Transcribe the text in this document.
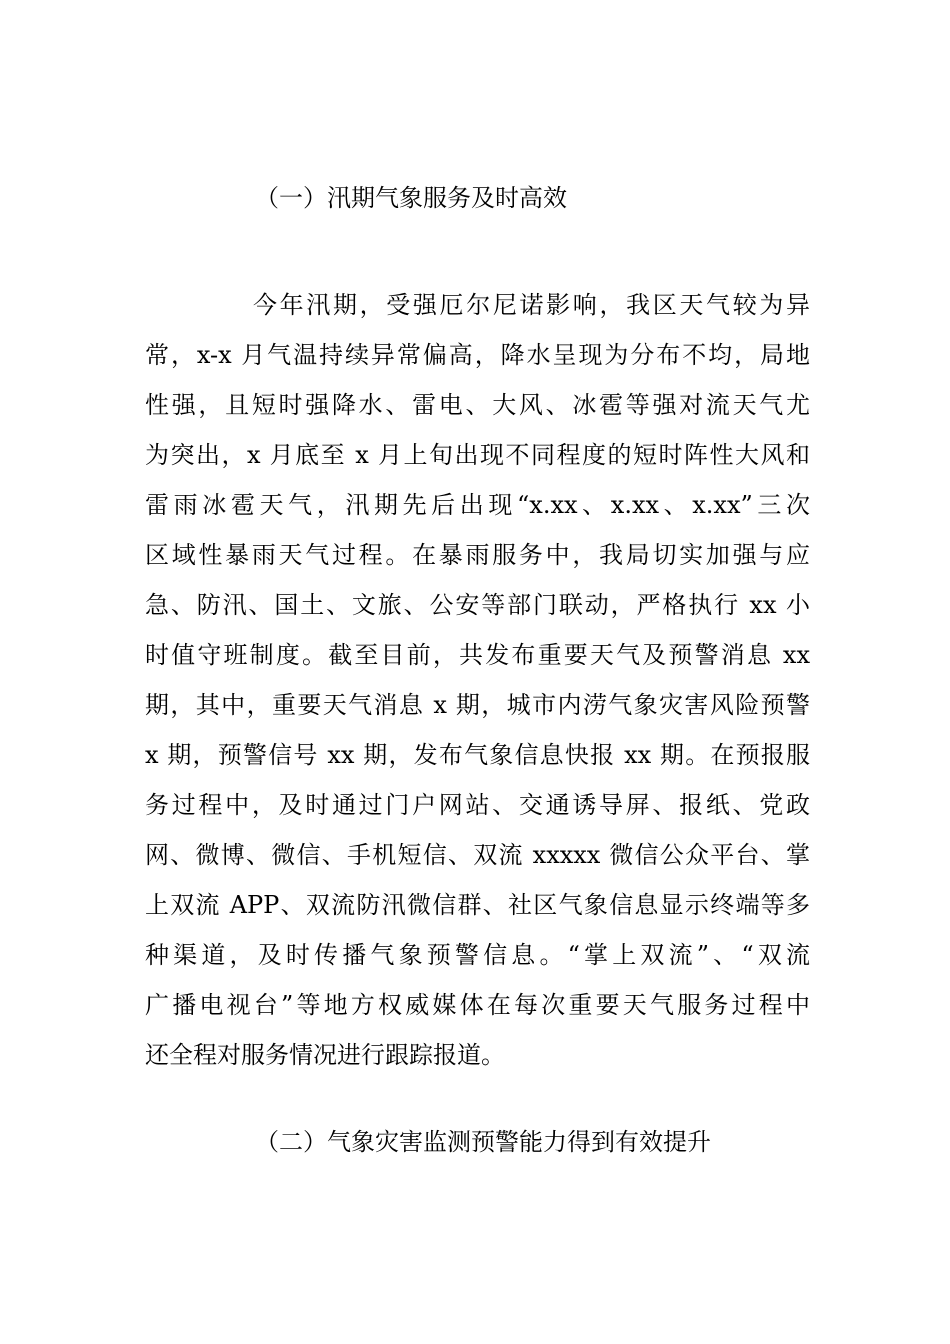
（一）汛期气象服务及时高效
今年汛期，受强厄尔尼诺影响，我区天气较为异
常，x-x 月气温持续异常偏高，降水呈现为分布不均，局地
性强，且短时强降水、雷电、大风、冰雹等强对流天气尤
为突出，x 月底至 x 月上旬出现不同程度的短时阵性大风和
雷雨冰雹天气，汛期先后出现“x.xx、x.xx、x.xx”三次
区域性暴雨天气过程。在暴雨服务中，我局切实加强与应
急、防汛、国土、文旅、公安等部门联动，严格执行 xx 小
时值守班制度。截至目前，共发布重要天气及预警消息 xx
期，其中，重要天气消息 x 期，城市内涝气象灾害风险预警
x 期，预警信号 xx 期，发布气象信息快报 xx 期。在预报服
务过程中，及时通过门户网站、交通诱导屏、报纸、党政
网、微博、微信、手机短信、双流 xxxxx 微信公众平台、掌
上双流 APP、双流防汛微信群、社区气象信息显示终端等多
种渠道，及时传播气象预警信息。“掌上双流”、“双流
广播电视台”等地方权威媒体在每次重要天气服务过程中
还全程对服务情况进行跟踪报道。
（二）气象灾害监测预警能力得到有效提升
